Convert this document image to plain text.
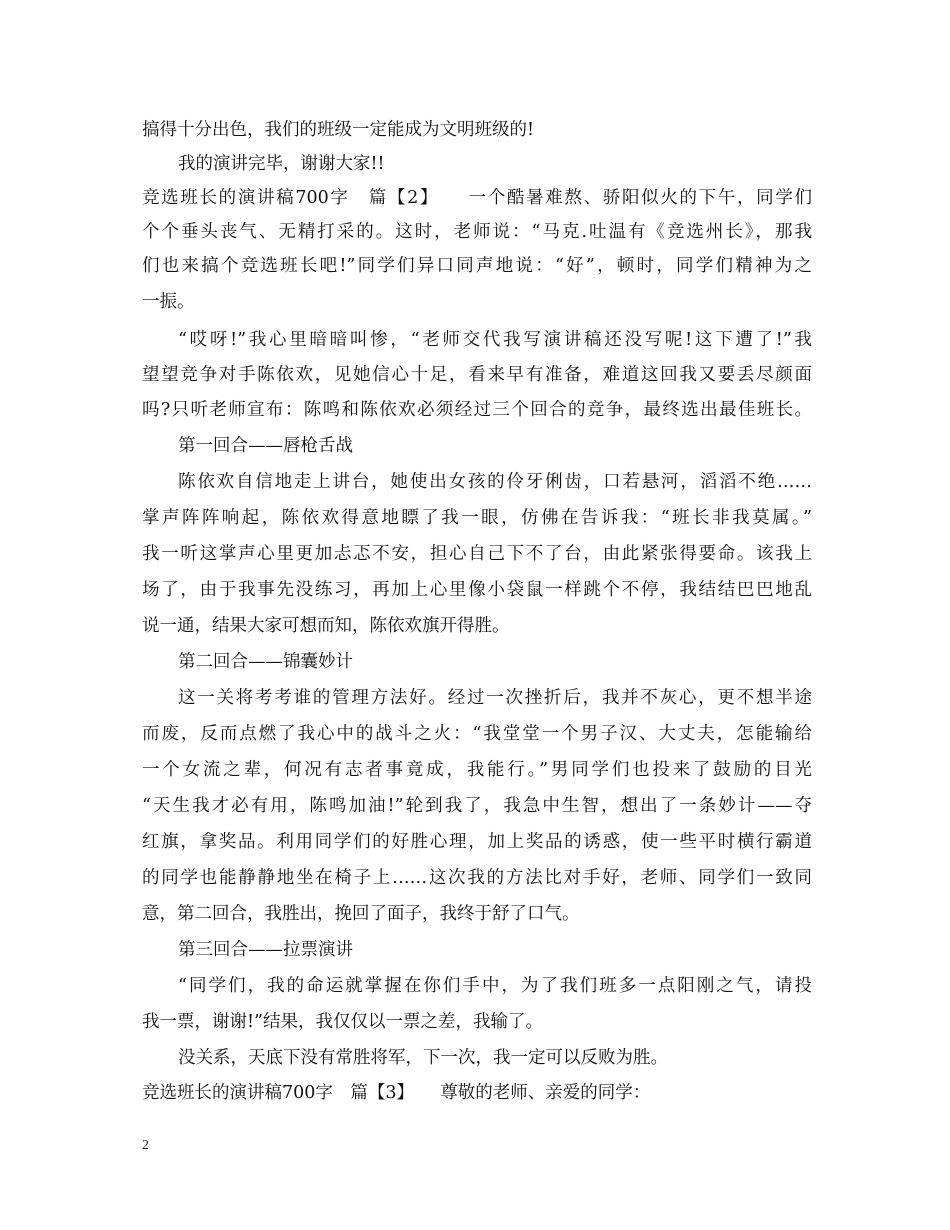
搞得十分出色，我们的班级一定能成为文明班级的!
我的演讲完毕，谢谢大家!!
竞选班长的演讲稿700字　篇【2】　　一个酷暑难熬、骄阳似火的下午，同学们
个个垂头丧气、无精打采的。这时，老师说：“马克.吐温有《竞选州长》，那我
们也来搞个竞选班长吧!”同学们异口同声地说：“好”，顿时，同学们精神为之
一振。
“哎呀!”我心里暗暗叫惨，“老师交代我写演讲稿还没写呢!这下遭了!”我
望望竞争对手陈依欢，见她信心十足，看来早有准备，难道这回我又要丢尽颜面
吗?只听老师宣布：陈鸣和陈依欢必须经过三个回合的竞争，最终选出最佳班长。
第一回合——唇枪舌战
陈依欢自信地走上讲台，她使出女孩的伶牙俐齿，口若悬河，滔滔不绝……
掌声阵阵响起，陈依欢得意地瞟了我一眼，仿佛在告诉我：“班长非我莫属。”
我一听这掌声心里更加忐忑不安，担心自己下不了台，由此紧张得要命。该我上
场了，由于我事先没练习，再加上心里像小袋鼠一样跳个不停，我结结巴巴地乱
说一通，结果大家可想而知，陈依欢旗开得胜。
第二回合——锦囊妙计
这一关将考考谁的管理方法好。经过一次挫折后，我并不灰心，更不想半途
而废，反而点燃了我心中的战斗之火：“我堂堂一个男子汉、大丈夫，怎能输给
一个女流之辈，何况有志者事竟成，我能行。”男同学们也投来了鼓励的目光
“天生我才必有用，陈鸣加油!”轮到我了，我急中生智，想出了一条妙计——夺
红旗，拿奖品。利用同学们的好胜心理，加上奖品的诱惑，使一些平时横行霸道
的同学也能静静地坐在椅子上……这次我的方法比对手好，老师、同学们一致同
意，第二回合，我胜出，挽回了面子，我终于舒了口气。
第三回合——拉票演讲
“同学们，我的命运就掌握在你们手中，为了我们班多一点阳刚之气，请投
我一票，谢谢!”结果，我仅仅以一票之差，我输了。
没关系，天底下没有常胜将军，下一次，我一定可以反败为胜。
竞选班长的演讲稿700字　篇【3】　　尊敬的老师、亲爱的同学：
2
